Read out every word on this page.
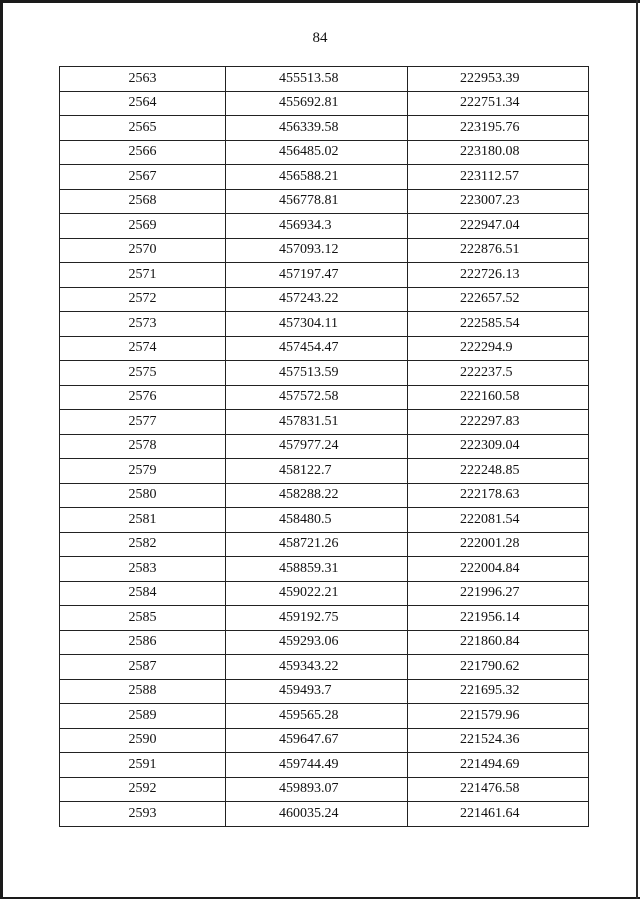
84
2563	455513.58	222953.39
2564	455692.81	222751.34
2565	456339.58	223195.76
2566	456485.02	223180.08
2567	456588.21	223112.57
2568	456778.81	223007.23
2569	456934.3	222947.04
2570	457093.12	222876.51
2571	457197.47	222726.13
2572	457243.22	222657.52
2573	457304.11	222585.54
2574	457454.47	222294.9
2575	457513.59	222237.5
2576	457572.58	222160.58
2577	457831.51	222297.83
2578	457977.24	222309.04
2579	458122.7	222248.85
2580	458288.22	222178.63
2581	458480.5	222081.54
2582	458721.26	222001.28
2583	458859.31	222004.84
2584	459022.21	221996.27
2585	459192.75	221956.14
2586	459293.06	221860.84
2587	459343.22	221790.62
2588	459493.7	221695.32
2589	459565.28	221579.96
2590	459647.67	221524.36
2591	459744.49	221494.69
2592	459893.07	221476.58
2593	460035.24	221461.64
